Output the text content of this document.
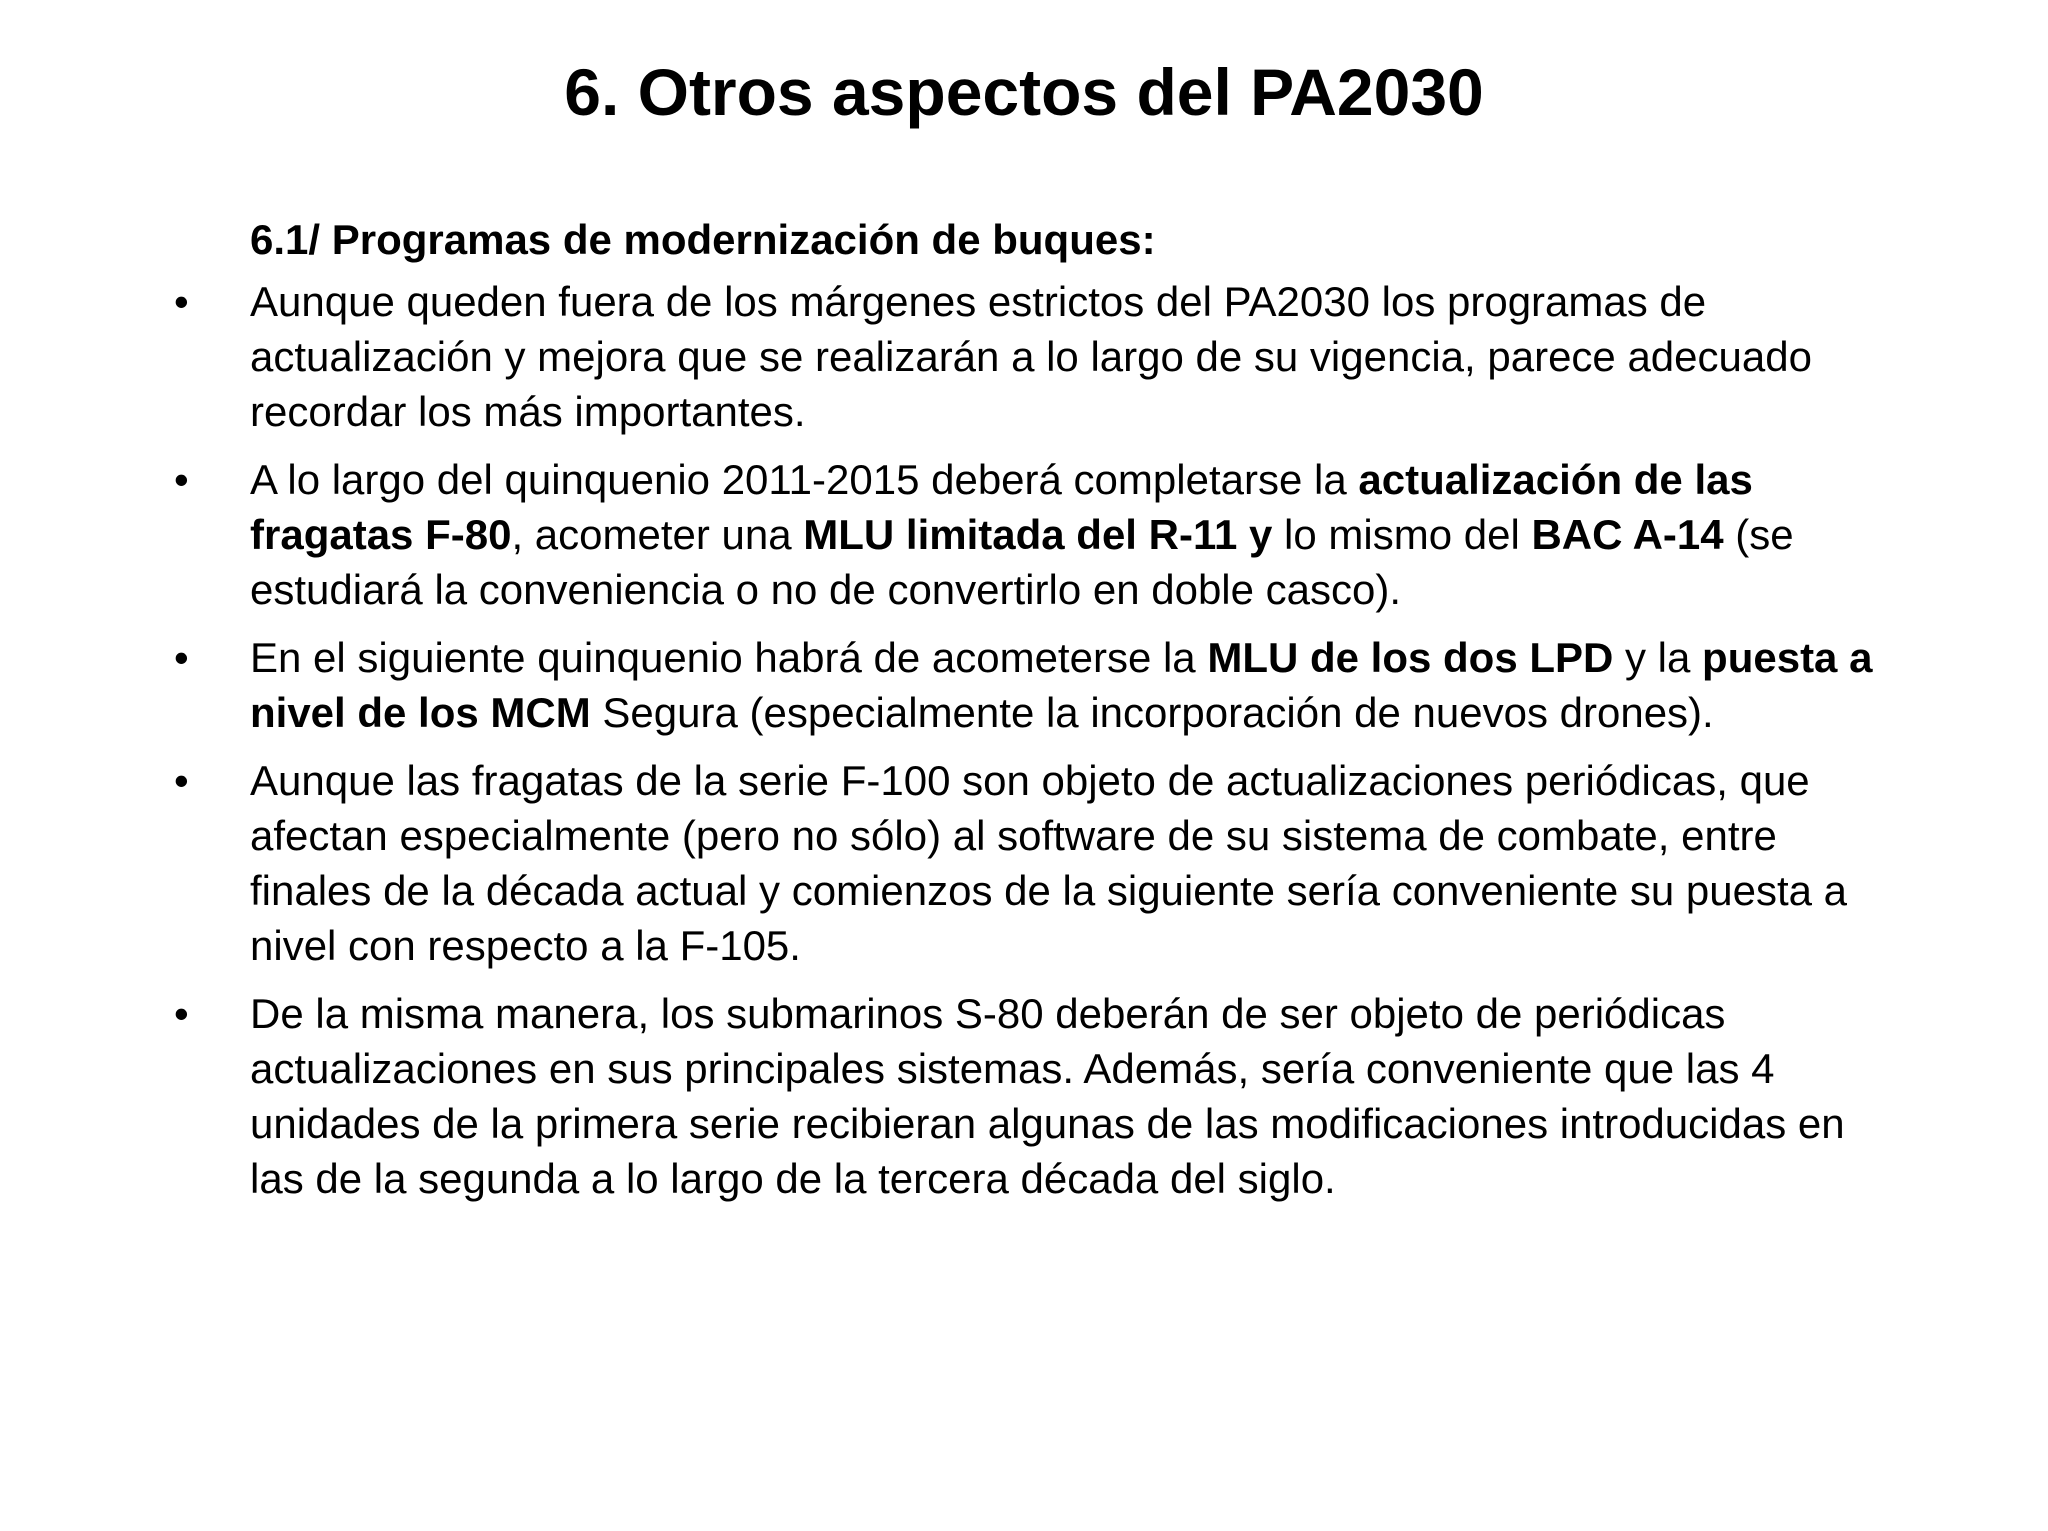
6. Otros aspectos del PA2030
6.1/ Programas de modernización de buques:
• Aunque queden fuera de los márgenes estrictos del PA2030 los programas de actualización y mejora que se realizarán a lo largo de su vigencia, parece adecuado recordar los más importantes.
• A lo largo del quinquenio 2011-2015 deberá completarse la actualización de las fragatas F-80, acometer una MLU limitada del R-11 y lo mismo del BAC A-14 (se estudiará la conveniencia o no de convertirlo en doble casco).
• En el siguiente quinquenio habrá de acometerse la MLU de los dos LPD y la puesta a nivel de los MCM Segura (especialmente la incorporación de nuevos drones).
• Aunque las fragatas de la serie F-100 son objeto de actualizaciones periódicas, que afectan especialmente (pero no sólo) al software de su sistema de combate, entre finales de la década actual y comienzos de la siguiente sería conveniente su puesta a nivel con respecto a la F-105.
• De la misma manera, los submarinos S-80 deberán de ser objeto de periódicas actualizaciones en sus principales sistemas. Además, sería conveniente que las 4 unidades de la primera serie recibieran algunas de las modificaciones introducidas en las de la segunda a lo largo de la tercera década del siglo.
